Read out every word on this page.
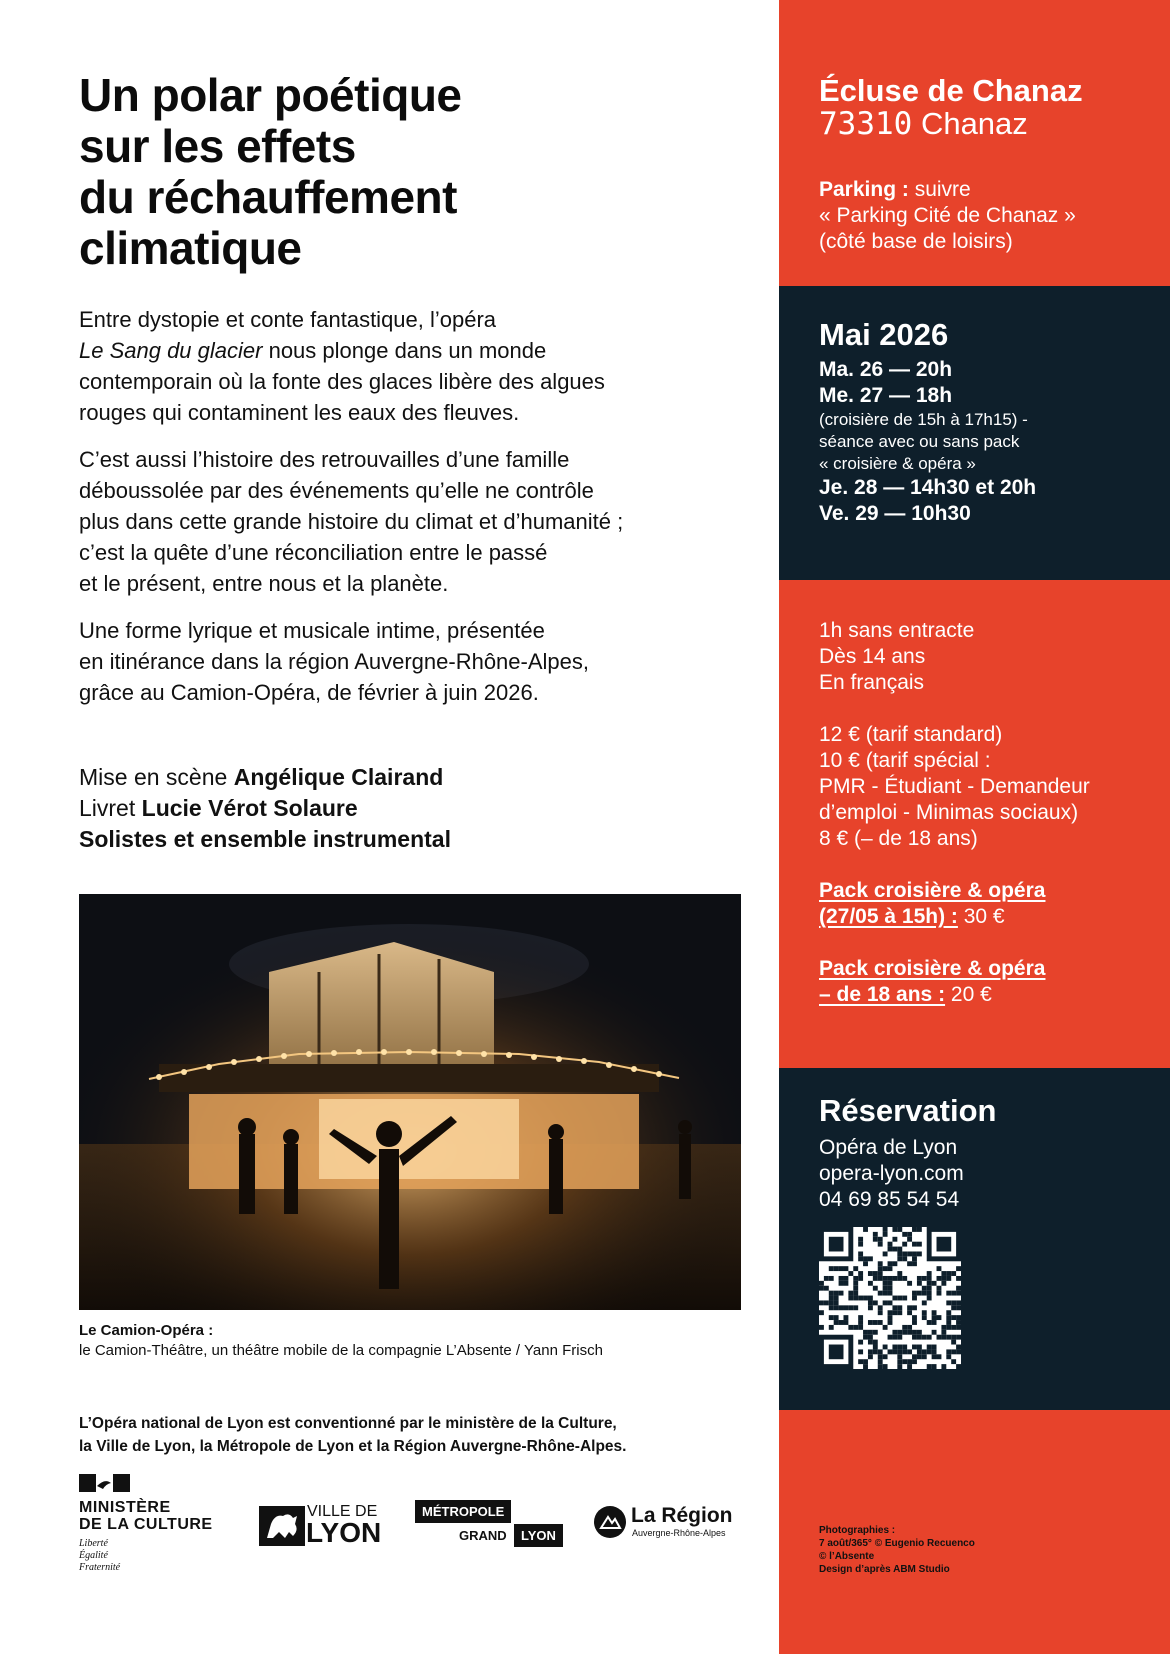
Un polar poétique
sur les effets
du réchauffement
climatique

Entre dystopie et conte fantastique, l’opéra
Le Sang du glacier nous plonge dans un monde
contemporain où la fonte des glaces libère des algues
rouges qui contaminent les eaux des fleuves.

C’est aussi l’histoire des retrouvailles d’une famille
déboussolée par des événements qu’elle ne contrôle
plus dans cette grande histoire du climat et d’humanité ;
c’est la quête d’une réconciliation entre le passé
et le présent, entre nous et la planète.

Une forme lyrique et musicale intime, présentée
en itinérance dans la région Auvergne-Rhône-Alpes,
grâce au Camion-Opéra, de février à juin 2026.

Mise en scène Angélique Clairand
Livret Lucie Vérot Solaure
Solistes et ensemble instrumental
Le Camion-Opéra :
le Camion-Théâtre, un théâtre mobile de la compagnie L’Absente / Yann Frisch
L’Opéra national de Lyon est conventionné par le ministère de la Culture,
la Ville de Lyon, la Métropole de Lyon et la Région Auvergne-Rhône-Alpes.
MINISTÈRE
DE LA CULTURE
Liberté
Égalité
Fraternité
VILLE DE
LYON
MÉTROPOLE
GRAND	LYON
La Région
Auvergne-Rhône-Alpes
Écluse de Chanaz
73310 Chanaz
Parking : suivre
« Parking Cité de Chanaz »
(côté base de loisirs)
Mai 2026
Ma. 26 — 20h
Me. 27 — 18h
(croisière de 15h à 17h15) -
séance avec ou sans pack
« croisière & opéra »
Je. 28 — 14h30 et 20h
Ve. 29 — 10h30
1h sans entracte
Dès 14 ans
En français
12 € (tarif standard)
10 € (tarif spécial :
PMR - Étudiant - Demandeur
d’emploi - Minimas sociaux)
8 € (– de 18 ans)
Pack croisière & opéra
(27/05 à 15h) : 30 €
Pack croisière & opéra
– de 18 ans : 20 €
Réservation
Opéra de Lyon
opera-lyon.com
04 69 85 54 54
Photographies :
7 août/365° © Eugenio Recuenco
© l’Absente
Design d’après ABM Studio
